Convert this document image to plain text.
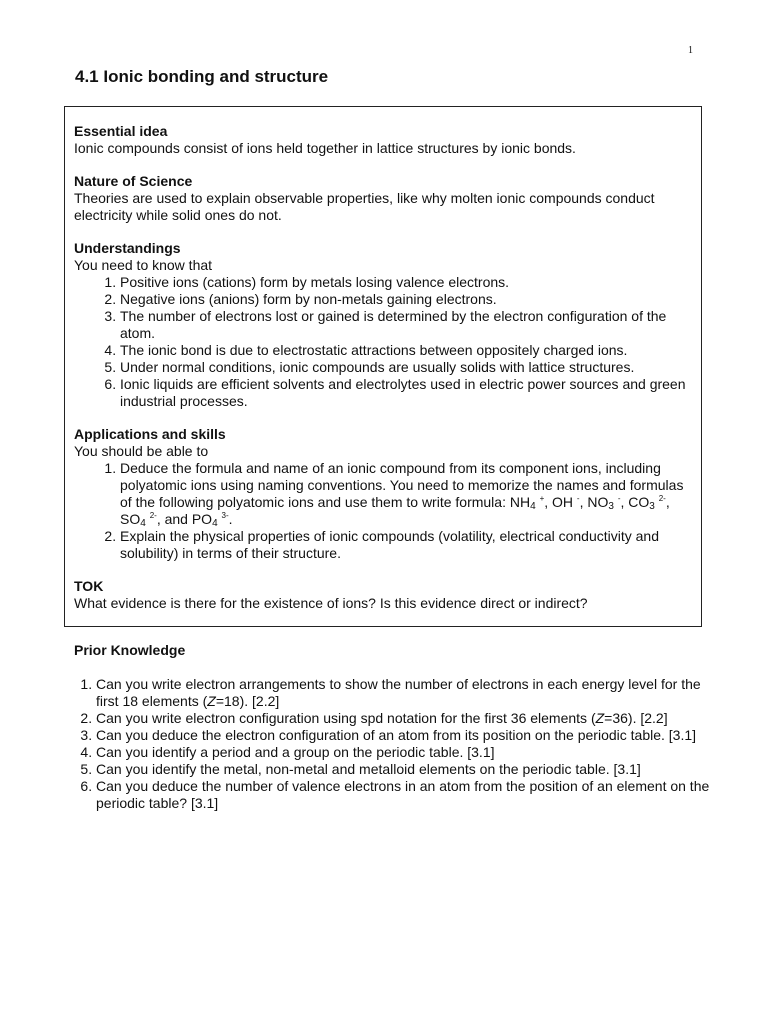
1
4.1 Ionic bonding and structure
Essential idea
Ionic compounds consist of ions held together in lattice structures by ionic bonds.
Nature of Science
Theories are used to explain observable properties, like why molten ionic compounds conduct electricity while solid ones do not.
Understandings
You need to know that
1. Positive ions (cations) form by metals losing valence electrons.
2. Negative ions (anions) form by non-metals gaining electrons.
3. The number of electrons lost or gained is determined by the electron configuration of the atom.
4. The ionic bond is due to electrostatic attractions between oppositely charged ions.
5. Under normal conditions, ionic compounds are usually solids with lattice structures.
6. Ionic liquids are efficient solvents and electrolytes used in electric power sources and green industrial processes.
Applications and skills
You should be able to
1. Deduce the formula and name of an ionic compound from its component ions, including polyatomic ions using naming conventions. You need to memorize the names and formulas of the following polyatomic ions and use them to write formula: $NH_4$ +, OH -, $NO_3$ -, $CO_3$ $^{2-}$, $SO_4$ $^{2-}$, and $PO_4$ $^{3-}$.
2. Explain the physical properties of ionic compounds (volatility, electrical conductivity and solubility) in terms of their structure.
TOK
What evidence is there for the existence of ions? Is this evidence direct or indirect?
Prior Knowledge
1. Can you write electron arrangements to show the number of electrons in each energy level for the first 18 elements (Z=18). [2.2]
2. Can you write electron configuration using spd notation for the first 36 elements (Z=36). [2.2]
3. Can you deduce the electron configuration of an atom from its position on the periodic table. [3.1]
4. Can you identify a period and a group on the periodic table. [3.1]
5. Can you identify the metal, non-metal and metalloid elements on the periodic table. [3.1]
6. Can you deduce the number of valence electrons in an atom from the position of an element on the periodic table? [3.1]
